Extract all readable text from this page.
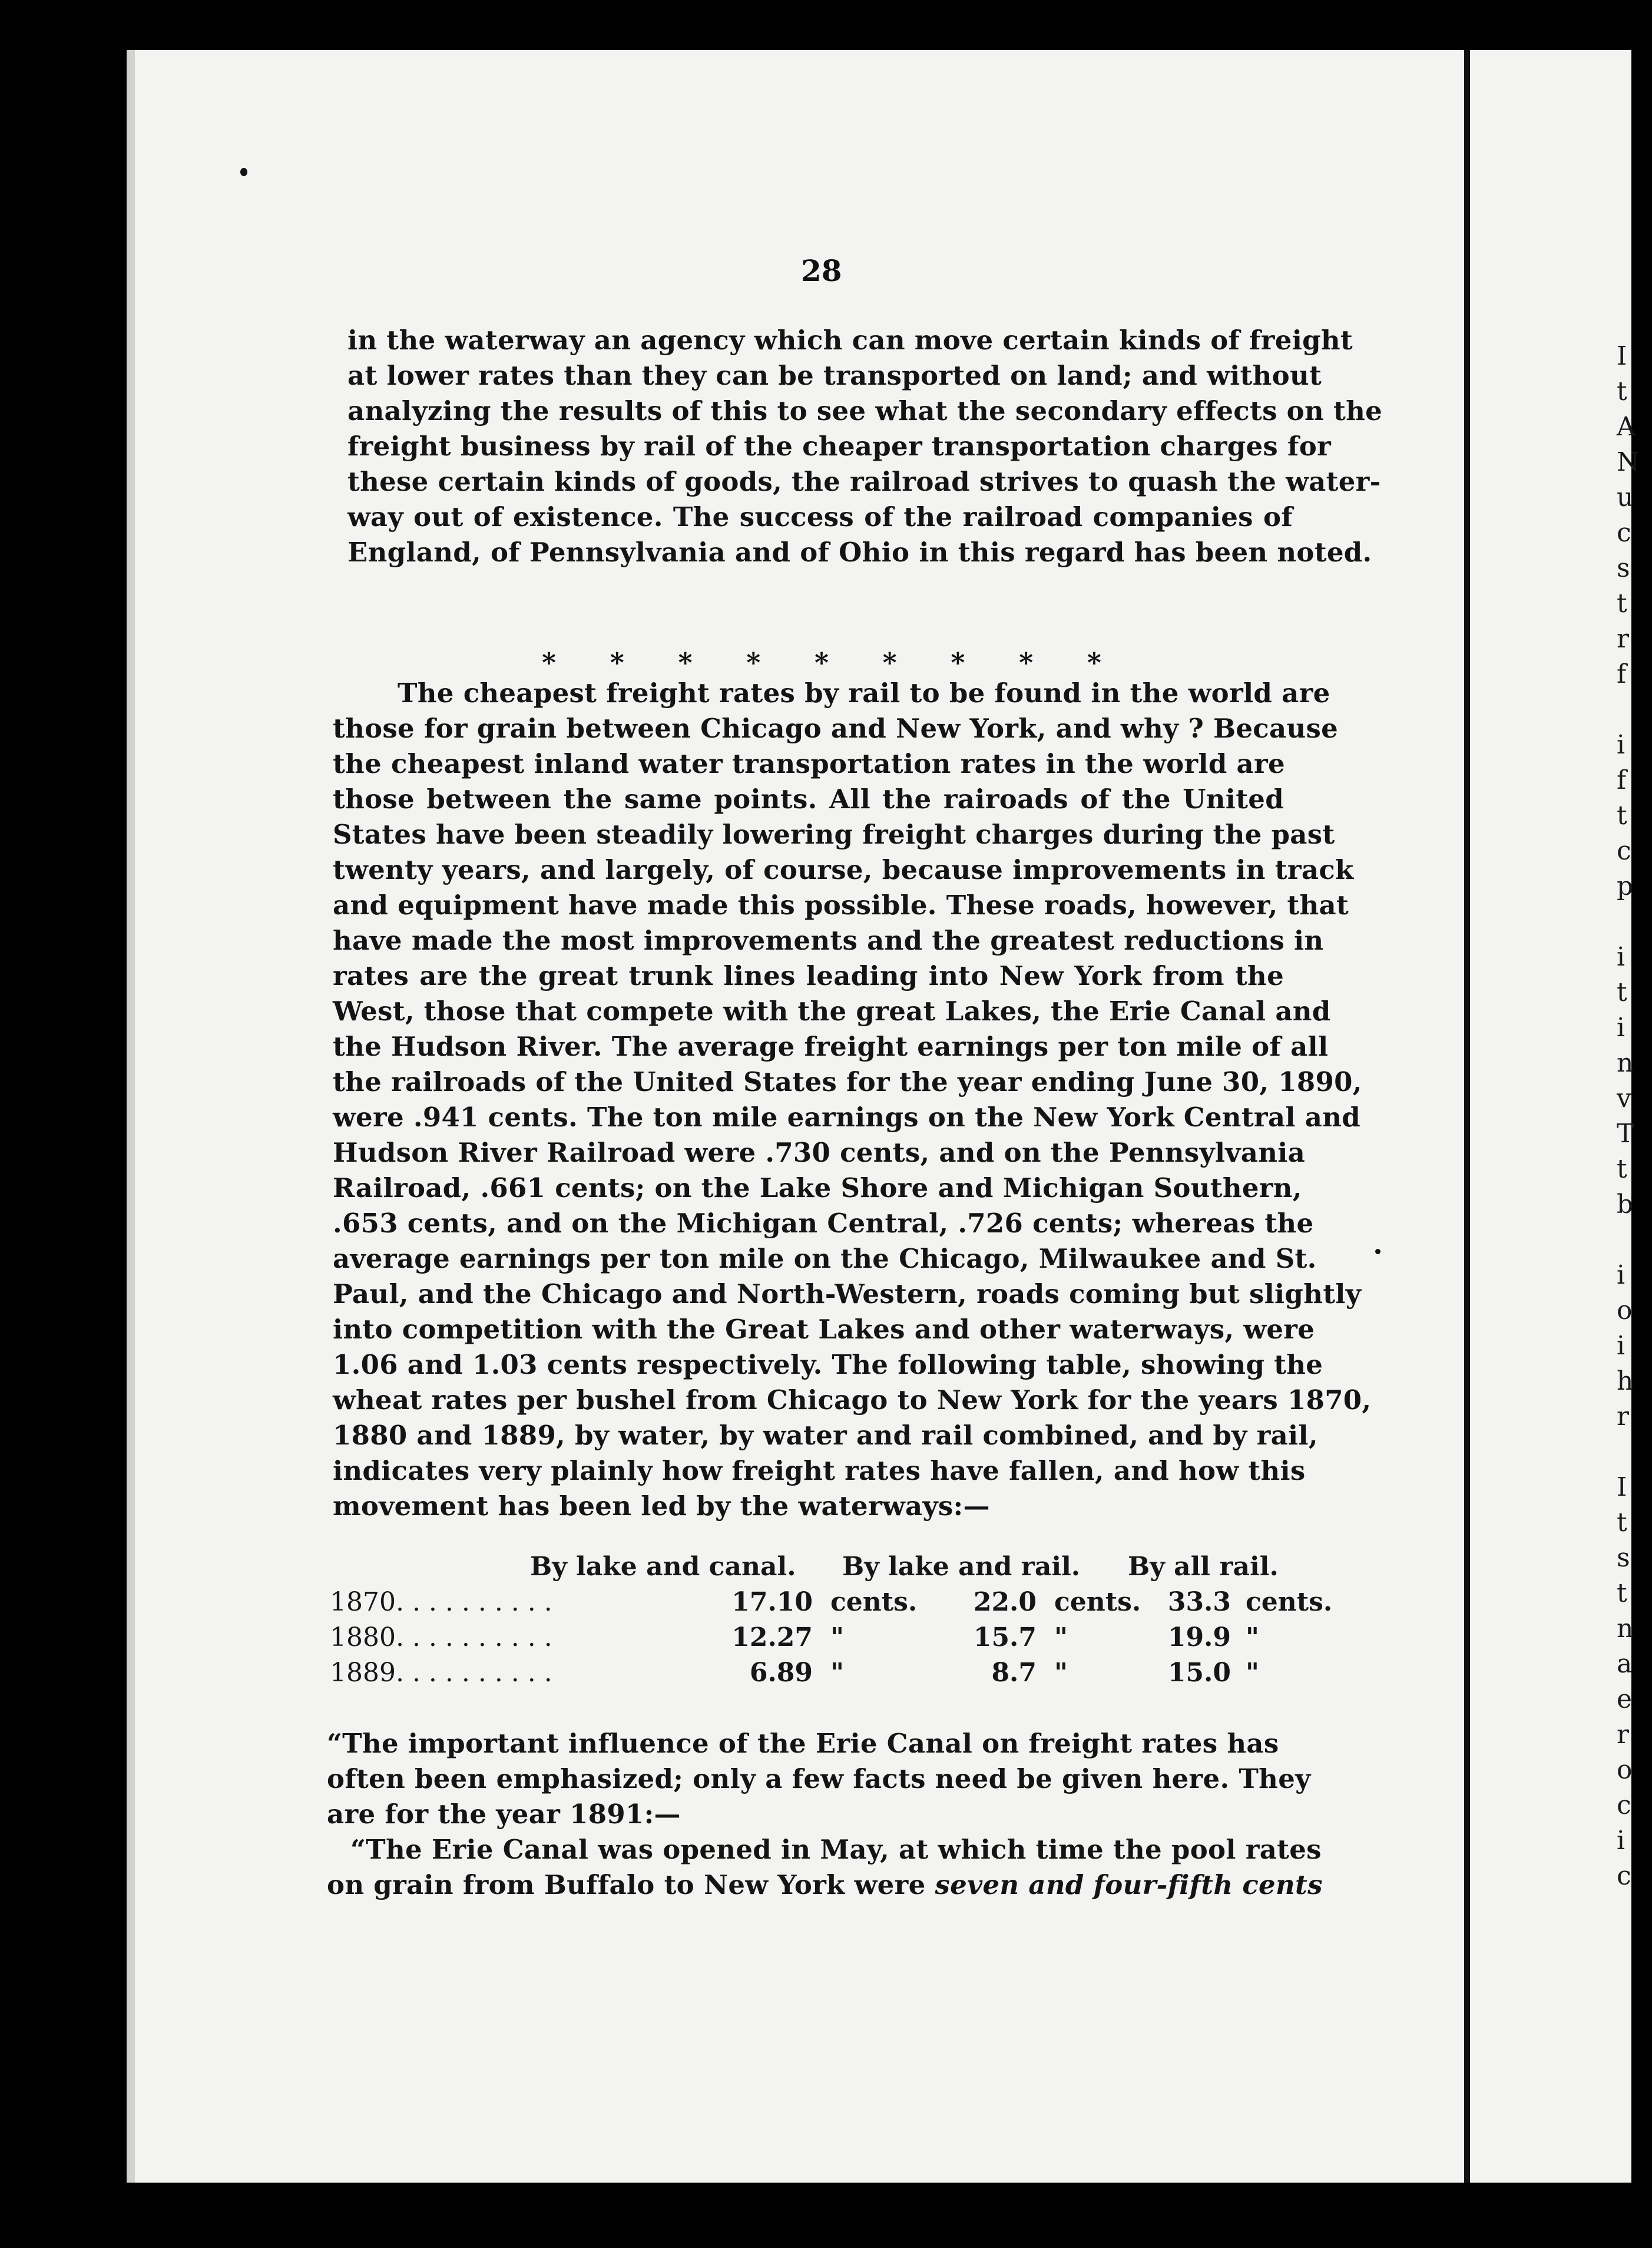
I
t
A
N
u
c
s
t
r
f
i
f
t
c
p
i
t
i
n
v
T
t
b
i
o
i
h
r
I
t
s
t
n
a
e
r
o
c
i
c
28
in the waterway an agency which can move certain kinds of freight
at lower rates than they can be transported on land; and without
analyzing the results of this to see what the secondary effects on the
freight business by rail of the cheaper transportation charges for
these certain kinds of goods, the railroad strives to quash the water-
way out of existence. The success of the railroad companies of
England, of Pennsylvania and of Ohio in this regard has been noted.
* * * * * * * * *
The cheapest freight rates by rail to be found in the world are
those for grain between Chicago and New York, and why ? Because
the cheapest inland water transportation rates in the world are
those between the same points. All the rairoads of the United
States have been steadily lowering freight charges during the past
twenty years, and largely, of course, because improvements in track
and equipment have made this possible. These roads, however, that
have made the most improvements and the greatest reductions in
rates are the great trunk lines leading into New York from the
West, those that compete with the great Lakes, the Erie Canal and
the Hudson River. The average freight earnings per ton mile of all
the railroads of the United States for the year ending June 30, 1890,
were .941 cents. The ton mile earnings on the New York Central and
Hudson River Railroad were .730 cents, and on the Pennsylvania
Railroad, .661 cents; on the Lake Shore and Michigan Southern,
.653 cents, and on the Michigan Central, .726 cents; whereas the
average earnings per ton mile on the Chicago, Milwaukee and St.
Paul, and the Chicago and North-Western, roads coming but slightly
into competition with the Great Lakes and other waterways, were
1.06 and 1.03 cents respectively. The following table, showing the
wheat rates per bushel from Chicago to New York for the years 1870,
1880 and 1889, by water, by water and rail combined, and by rail,
indicates very plainly how freight rates have fallen, and how this
movement has been led by the waterways:—
By lake and canal. By lake and rail. By all rail.
1870. . . . . . . . . .	17.10 cents.	22.0 cents.	33.3 cents.
1880. . . . . . . . . .	12.27 "	15.7 "	19.9 "
1889. . . . . . . . . .	6.89 "	8.7 "	15.0 "
“The important influence of the Erie Canal on freight rates has
often been emphasized; only a few facts need be given here. They
are for the year 1891:—
“The Erie Canal was opened in May, at which time the pool rates
on grain from Buffalo to New York were seven and four-fifth cents
